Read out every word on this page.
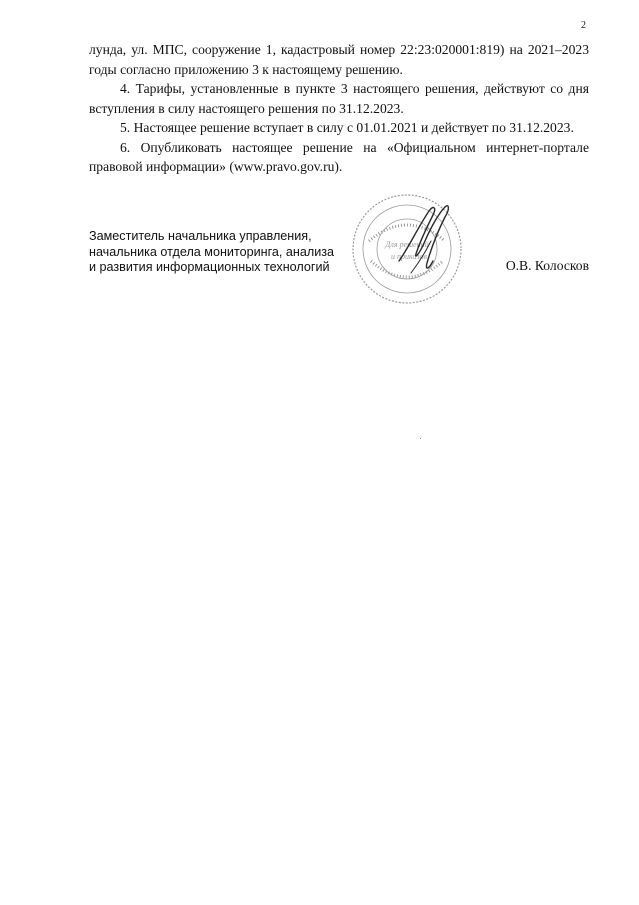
2

лунда, ул. МПС, сооружение 1, кадастровый номер 22:23:020001:819) на 2021–2023 годы согласно приложению 3 к настоящему решению.

4. Тарифы, установленные в пункте 3 настоящего решения, действуют со дня вступления в силу настоящего решения по 31.12.2023.

5. Настоящее решение вступает в силу с 01.01.2021 и действует по 31.12.2023.

6. Опубликовать настоящее решение на «Официальном интернет-портале правовой информации» (www.pravo.gov.ru).

Заместитель начальника управления,
начальника отдела мониторинга, анализа
и развития информационных технологий
Для решений
и приказов
О.В. Колосков
